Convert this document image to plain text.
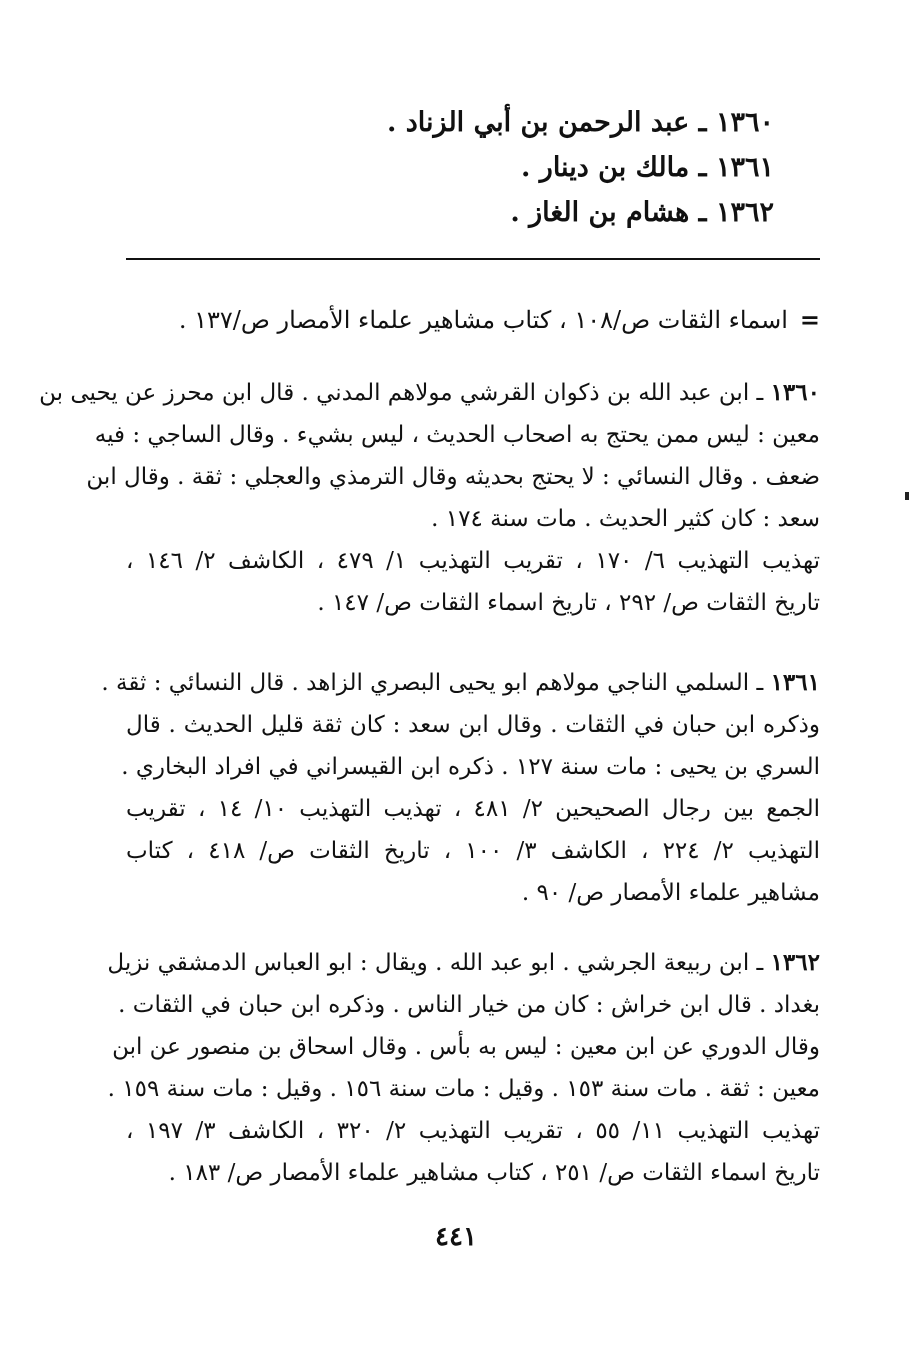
١٣٦٠ ـ عبد الرحمن بن أبي الزناد .
١٣٦١ ـ مالك بن دينار .
١٣٦٢ ـ هشام بن الغاز .
=اسماء الثقات ص/١٠٨ ، كتاب مشاهير علماء الأمصار ص/١٣٧ .
١٣٦٠ ـ ابن عبد الله بن ذكوان القرشي مولاهم المدني . قال ابن محرز عن يحيى بن
معين : ليس ممن يحتج به اصحاب الحديث ، ليس بشيء . وقال الساجي : فيه
ضعف . وقال النسائي : لا يحتج بحديثه وقال الترمذي والعجلي : ثقة . وقال ابن
سعد : كان كثير الحديث . مات سنة ١٧٤ .
تهذيب التهذيب ٦/ ١٧٠ ، تقريب التهذيب ١/ ٤٧٩ ، الكاشف ٢/ ١٤٦ ،
تاريخ الثقات ص/ ٢٩٢ ، تاريخ اسماء الثقات ص/ ١٤٧ .
١٣٦١ ـ السلمي الناجي مولاهم ابو يحيى البصري الزاهد . قال النسائي : ثقة .
وذكره ابن حبان في الثقات . وقال ابن سعد : كان ثقة قليل الحديث . قال
السري بن يحيى : مات سنة ١٢٧ . ذكره ابن القيسراني في افراد البخاري .
الجمع بين رجال الصحيحين ٢/ ٤٨١ ، تهذيب التهذيب ١٠/ ١٤ ، تقريب
التهذيب ٢/ ٢٢٤ ، الكاشف ٣/ ١٠٠ ، تاريخ الثقات ص/ ٤١٨ ، كتاب
مشاهير علماء الأمصار ص/ ٩٠ .
١٣٦٢ ـ ابن ربيعة الجرشي . ابو عبد الله . ويقال : ابو العباس الدمشقي نزيل
بغداد . قال ابن خراش : كان من خيار الناس . وذكره ابن حبان في الثقات .
وقال الدوري عن ابن معين : ليس به بأس . وقال اسحاق بن منصور عن ابن
معين : ثقة . مات سنة ١٥٣ . وقيل : مات سنة ١٥٦ . وقيل : مات سنة ١٥٩ .
تهذيب التهذيب ١١/ ٥٥ ، تقريب التهذيب ٢/ ٣٢٠ ، الكاشف ٣/ ١٩٧ ،
تاريخ اسماء الثقات ص/ ٢٥١ ، كتاب مشاهير علماء الأمصار ص/ ١٨٣ .
٤٤١
